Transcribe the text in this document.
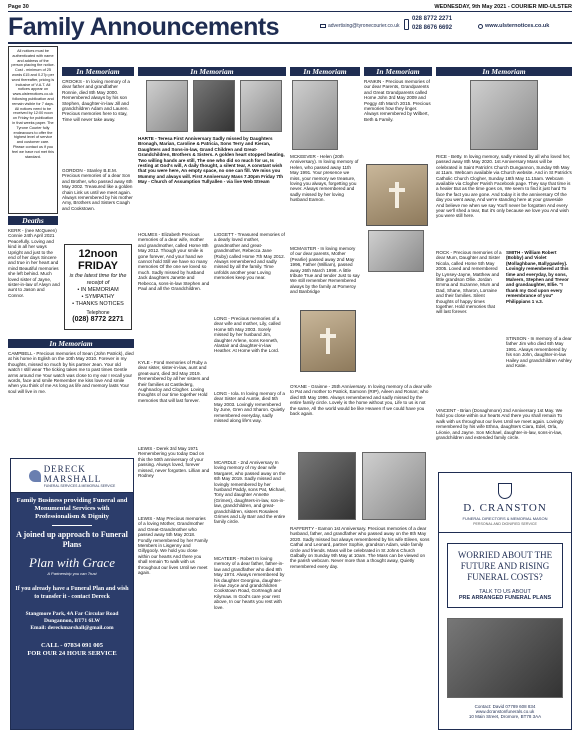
Page 30	WEDNESDAY, 9th May 2021 - COURIER MID-ULSTER
Family Announcements	advertising@tyronecourier.co.uk
028 8772 2271
028 8676 6692	www.ulsternotices.co.uk
All notices must be authenticated with name and address of the person placing the notice. Cost - minimum of 25 words £15 and 0.27p per word thereafter, pricing is inclusive of V.A.T. All notices appear on www.ulsternotices.co.uk following publication and remain visible for 7 days. All notices need to be received by 12:00 noon on Friday for publication in that weeks paper. The Tyrone Courier fully endeavours to offer the highest level of service and customer care. Please contact us if you feel we have not met this standard.
Deaths
KERR - (nee McQueen) Connie 24th April 2021 Peacefully. Loving and kind in all her ways Upright and just to the end of her days Sincere and true in her heart and mind Beautiful memories she left behind. Much loved sister of Jayne, sister-in-law of Alwyn and aunt to Jason and Connor.
In Memoriam
CROOKS - In loving memory of a dear father and grandfather Ronnie, died 8th May 2000. Remembered always by his son Stephen, daughter-in-law Jill and grandchildren Adam and Lauren. Precious memories here to stay, Time will never take away.
GORDON - Stanley B.E.M. Precious memories of a dear Son and Brother, who passed away 6th May 2002. Treasured like a golden chain Link us until we meet again. Always remembered by his mother Amy, Brothers and Sisters Coagh and Cookstown.
12noon
FRIDAY
is the latest time for the receipt of
• IN MEMORIAM
• SYMPATHY
• THANKS NOTICES
Telephone
(028) 8772 2271
In Memoriam
CAMPBELL - Precious memories of Sean (John Patrick), died at his home in Eglish on the 10th May 2010. Forever in my thoughts, missed so much by his partner Jean. Your old watch I still wear The ticking takes me to past times Gentle arms around me Your watch was close to my ear I recall your words, face and smile Remember me kiss love And smile when you think of me As long as life and memory lasts Your soul will live in me.
DERECK
MARSHALL
FUNERAL SERVICES & MEMORIAL SERVICE
Family Business providing Funeral and Monumental Services with Professionalism & Dignity
A joined up approach to Funeral Plans
Plan with Grace
A Partnership you can Trust
If you already have a Funeral Plan and wish to transfer it - contact Dereck
Stangmore Park, 4A Far Circular Road
Dungannon, BT71 6LW
Email: dereckmarshall@gmail.com
CALL - 07834 091 005
FOR OUR 24 HOUR SERVICE
In Memoriam
HARTE - Teresa First Anniversary Sadly missed by Daughters Bronagh, Marian, Caroline & Patricia, Sons Terry and Kieran, Daughters and Sons-in-law, Grand Children and Great-Grandchildren, Brothers & Sisters. A golden heart stopped beating, Two willing hands are still, The one who did so much for us, Is resting at God's will, A daily thought, a silent tear, A constant wish that you were here, An empty space, no one can fill. We miss you Mummy and always will. First Anniversary Mass 7.30pm Friday 7th May - Church of Assumption Tullyallen - via live Web Stream
HOLMES - Elizabeth Precious memories of a dear wife, mother and grandmother, called Home 8th May 2012. Though your smile is gone forever, And your hand we cannot hold Still we have so many memories Of the one we loved so much. Sadly missed by husband Jack daughters Janette and Rebecca, sons-in-law Stephen and Paul and all the Grandchildren.
KYLE - Fond memories of Ruby a dear sister, sister-in-law, aunt and great-aunt, died 3rd May 2019. Remembered by all her sisters and their families at Castlederg, Aughnacloy and Clogher. Loving thoughts of our time together Hold memories that will last forever.
LEWIS - Derek 3rd May 1971 Remembering you today Dad on this the 50th anniversary of your passing. Always loved, forever missed, never forgotten. Lillian and Rodney
LEWIS - May Precious memories of a loving Mother, Grandmother and Great-Grandmother who passed away 5th May 2018. Fondly remembered by her Family Members in Lisgenny and Gillygooly. We hold you close within our hearts And there you shall remain To walk with us throughout our lives Until we meet again.
LIGGETT - Treasured memories of a dearly loved mother, grandmother and great-grandmother, Rebecca Jane (Ruby) called Home 7th May 2012. Always remembered and sadly missed by all the family. Time unfolds another year Loving memories keep you near.
LONG - Precious memories of a dear wife and mother, Lily, called Home 5th May 2003. Sorely missed by her husband Jim, daughter Arlene, sons Kenneth, Alastair and daughter-in-law Heather. At Home with the Lord.
LONG - Iola. In loving memory of a dear Sister and Auntie, died 5th May 2003. Lovingly remembered by June, Gren and Sharon. Quietly remembered everyday, sadly missed along life's way.
MCARDLE - 2nd Anniversary In loving memory of my dear wife Margaret, who passed away on the 6th May 2019. Sadly missed and lovingly remembered by her husband Paddy, sons Pat, Michael, Tony and daughter Annette (Grimes), daughters-in-law, son-in-law, grandchildren, and great-grandchildren, sisters Rosaleen Grimes and Lily Barr and the entire family circle.
MCATEER - Robert In loving memory of a dear father, father-in-law and grandfather who died 8th May 1974. Always remembered by his daughter Georgina, daughter-in-law Joyce and grandchildren Cookstown Road, Gortreagh and Kilymaw. In God's care your rest above, In our hearts you rest with love.
In Memoriam
MCKEEVER - Helen (20th Anniversary). In loving memory of Helen, who passed away 11th May 1991. Your presence we miss, your memory we treasure, loving you always, forgetting you never. Always remembered and sadly missed by her loving husband Eamon.
MCMASTER - In loving memory of our dear parents, Mother (Pearlie) passed away 2nd May 1996, Father (William), passed away 26th March 1998. A little tribute True and tender Just to say We still remember Remembered always by the family at Pomeroy and Banbridge
In Memoriam
RANKIN - Precious memories of our dear Parents, Grandparents and Great Grandparents called Home John 3rd May 2009 and Peggy 4th March 2015. Precious memories how they linger. Always remembered by Wilbert, Beth & Family.
O'KANE - Grainne - 25th Anniversary. In loving memory of a dear wife to Pat and mother to Patrick, Eamonn (RIP), Aileen and Ronan; who died 8th May 1996. Always remembered and sadly missed by the entire family circle. Lovely is the home without you, Life to us is not the same, All the world would be like Heaven If we could have you back again.
RAFFERTY - Eamon 1st Anniversary. Precious memories of a dear husband, father, and grandfather who passed away on the 8th May 2020. Sadly missed but always remembered by his wife Eileen, sons Cathal and Leonard, partner Sophie, grandson Adam, wide family circle and friends. Mass will be celebrated in St Johns Church Galbally on Sunday 9th May at 10am. The Mass can be viewed on the parish webcam. Never more than a thought away, Quietly remembered every day.
In Memoriam
RICE - Betty. In loving memory, sadly missed by all who loved her, passed away 8th May 2020. 1st Anniversary Mass will be celebrated in Saint Patrick's Church Dungannon, Sunday 9th May at 11am. Webcam available via Church website. And in St Patrick's Catholic Church Clogher, Sunday 16th May 11.15am. Webcam available via Clogher Parish Facebook page. They say that time is a healer But as the time goes on, We seem to find it just hard To face the fact you are gone. And today it is the anniversary Of the day you went away, And we're standing here at your graveside And believe me when we say You'll never be forgotten And every year we'll shed a tear, But it's only because we love you And wish you were still here.
ROCK - Precious memories of a dear Mum, Daughter and Sister Nicola, called Home 5th May 2005. Loved and remembered by Lynsey-Jayne, Matthew and little grandson Ollie. Jordan Emma and Suzanne, Mum and Dad, Shane, Sharon, Lorraine and their families. Silent thoughts of happy times together. Hold memories that will last forever.
SMITH - William Robert (Bobby) and Violet (Mollaghbane, Ballygawley). Lovingly remembered at this time and everyday, by sons, Malvern, Stephen and Trevor and grandaughter, Ellie. "I thank my God upon every remembrance of you" Philippians 1 v.3.
STINSON - In memory of a dear father Jim who died 6th May 1991. Always remembered by his son John, daughter-in-law Hailey and grandchildren Ashley and Katie.
VINCENT - Brian (Donaghmore) 2nd Anniversary 1st May. We hold you close within our hearts And there you shall remain To walk with us throughout our lives Until we meet again. Lovingly remembered by his wife Ethna, daughters Ciara, Edel, Orla, Léonie, and Jayne. Son Michael, daughter-in-law, sons-in-law, grandchildren and extended family circle.
D. CRANSTON
FUNERAL DIRECTORS & MEMORIAL MASON
PERSONAL AND DIGNIFIED SERVICE
WORRIED ABOUT THE
FUTURE AND RISING
FUNERAL COSTS?
TALK TO US ABOUT
PRE ARRANGED FUNERAL PLANS
Contact: David 07789 608 834
www.dcranstonfunerals.co.uk
10 Main Street, Dromore, BT78 3AA
